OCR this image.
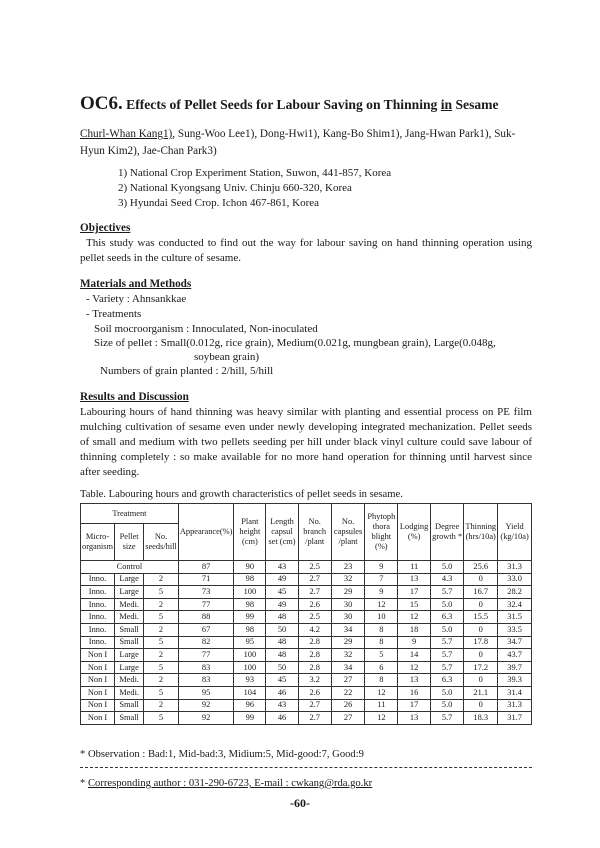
OC6. Effects of Pellet Seeds for Labour Saving on Thinning in Sesame
Churl-Whan Kang1), Sung-Woo Lee1), Dong-Hwi1), Kang-Bo Shim1), Jang-Hwan Park1), Suk-Hyun Kim2), Jae-Chan Park3)
1) National Crop Experiment Station, Suwon, 441-857, Korea
2) National Kyongsang Univ. Chinju 660-320, Korea
3) Hyundai Seed Crop. Ichon 467-861, Korea
Objectives
This study was conducted to find out the way for labour saving on hand thinning operation using pellet seeds in the culture of sesame.
Materials and Methods
- Variety : Ahnsankkae
- Treatments
Soil mocroorganism : Innoculated, Non-inoculated
Size of pellet : Small(0.012g, rice grain), Medium(0.021g, mungbean grain), Large(0.048g,
soybean grain)
Numbers of grain planted : 2/hill, 5/hill
Results and Discussion
Labouring hours of hand thinning was heavy similar with planting and essential process on PE film mulching cultivation of sesame even under newly developing integrated mechanization. Pellet seeds of small and medium with two pellets seeding per hill under black vinyl culture could save labour of thinning completely : so make available for no more hand operation for thinning until harvest since after seeding.
Table. Labouring hours and growth characteristics of pellet seeds in sesame.
Treatment			Appearance(%)	Plant height (cm)	Length capsul set (cm)	No. branch /plant	No. capsules /plant	Phytoph thora blight (%)	Lodging (%)	Degree growth *	Thinning (hrs/10a)	Yield (kg/10a)
Micro-organism	Pellet size	No. seeds/hill										
Control			87	90	43	2.5	23	9	11	5.0	25.6	31.3
Inno.	Large	2	71	98	49	2.7	32	7	13	4.3	0	33.0
Inno.	Large	5	73	100	45	2.7	29	9	17	5.7	16.7	28.2
Inno.	Medi.	2	77	98	49	2.6	30	12	15	5.0	0	32.4
Inno.	Medi.	5	88	99	48	2.5	30	10	12	6.3	15.5	31.5
Inno.	Small	2	67	98	50	4.2	34	8	18	5.0	0	33.5
Inno.	Small	5	82	95	48	2.8	29	8	9	5.7	17.8	34.7
Non I	Large	2	77	100	48	2.8	32	5	14	5.7	0	43.7
Non I	Large	5	83	100	50	2.8	34	6	12	5.7	17.2	39.7
Non I	Medi.	2	83	93	45	3.2	27	8	13	6.3	0	39.3
Non I	Medi.	5	95	104	46	2.6	22	12	16	5.0	21.1	31.4
Non I	Small	2	92	96	43	2.7	26	11	17	5.0	0	31.3
Non I	Small	5	92	99	46	2.7	27	12	13	5.7	18.3	31.7
* Observation : Bad:1, Mid-bad:3, Midium:5, Mid-good:7, Good:9
* Corresponding author : 031-290-6723, E-mail : cwkang@rda.go.kr
-60-
